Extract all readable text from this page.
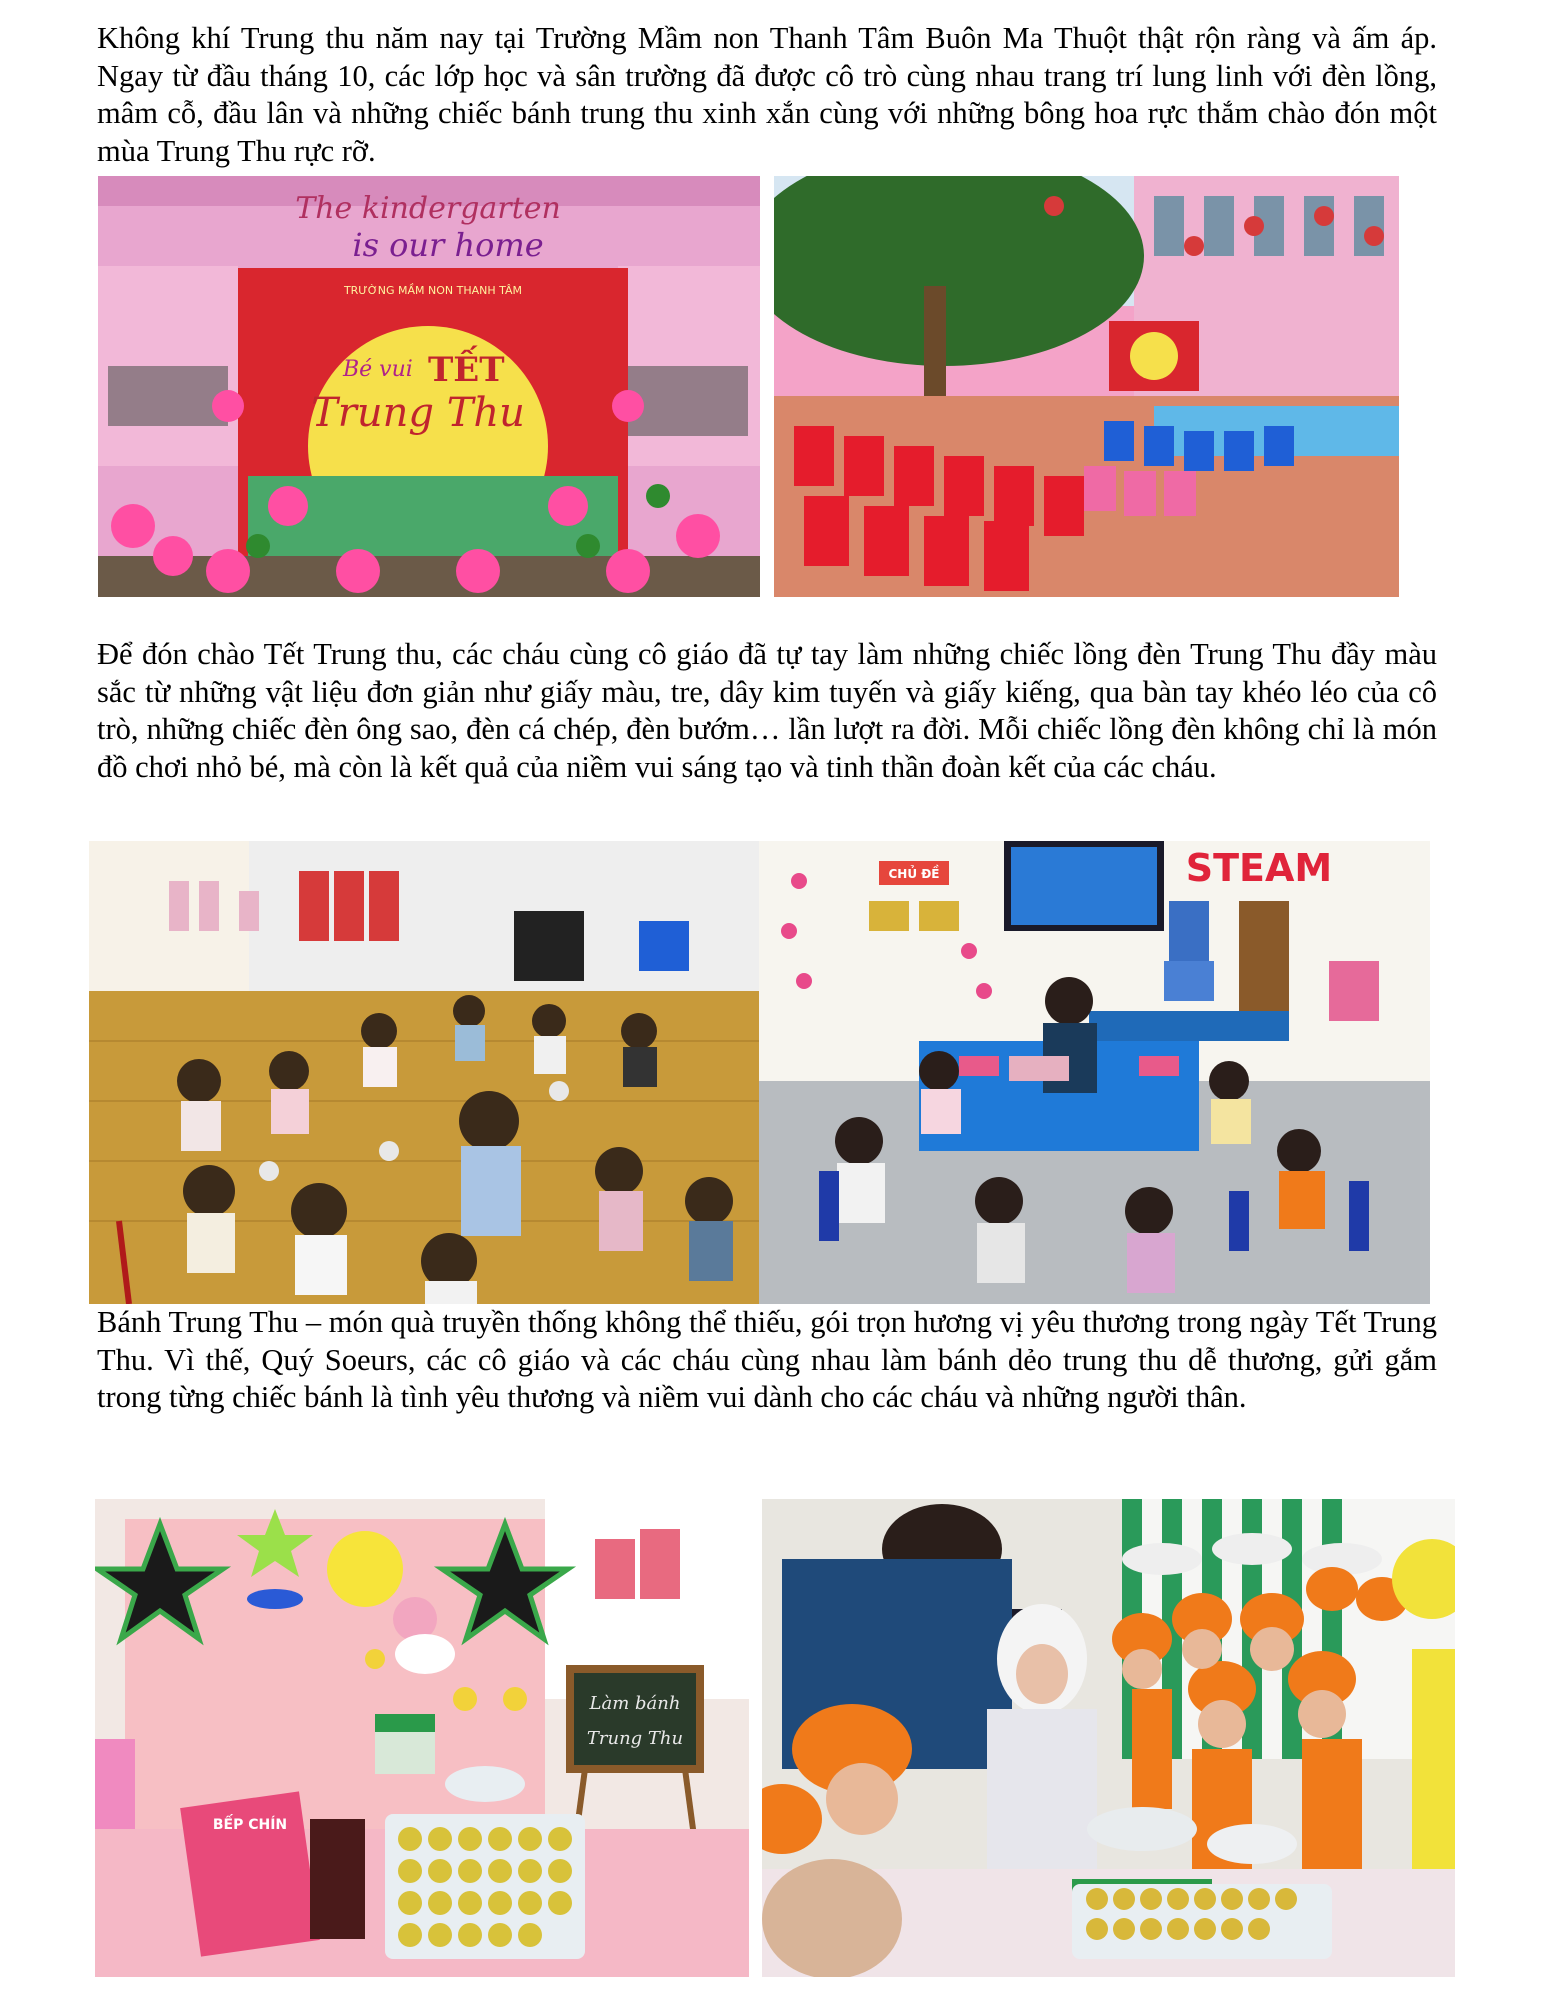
Không khí Trung thu năm nay tại Trường Mầm non Thanh Tâm Buôn Ma Thuột thật rộn ràng và ấm áp. Ngay từ đầu tháng 10, các lớp học và sân trường đã được cô trò cùng nhau trang trí lung linh với đèn lồng, mâm cỗ, đầu lân và những chiếc bánh trung thu xinh xắn cùng với những bông hoa rực thắm chào đón một mùa Trung Thu rực rỡ.

The kindergarten
is our home
TRƯỜNG MẦM NON THANH TÂM
Bé vui TẾT
Trung Thu

Để đón chào Tết Trung thu, các cháu cùng cô giáo đã tự tay làm những chiếc lồng đèn Trung Thu đầy màu sắc từ những vật liệu đơn giản như giấy màu, tre, dây kim tuyến và giấy kiếng, qua bàn tay khéo léo của cô trò, những chiếc đèn ông sao, đèn cá chép, đèn bướm… lần lượt ra đời. Mỗi chiếc lồng đèn không chỉ là món đồ chơi nhỏ bé, mà còn là kết quả của niềm vui sáng tạo và tinh thần đoàn kết của các cháu.

CHỦ ĐỀ	STEAM

Bánh Trung Thu – món quà truyền thống không thể thiếu, gói trọn hương vị yêu thương trong ngày Tết Trung Thu. Vì thế, Quý Soeurs, các cô giáo và các cháu cùng nhau làm bánh dẻo trung thu dễ thương, gửi gắm trong từng chiếc bánh là tình yêu thương và niềm vui dành cho các cháu và những người thân.

Làm bánh
Trung Thu
BẾP CHÍN
